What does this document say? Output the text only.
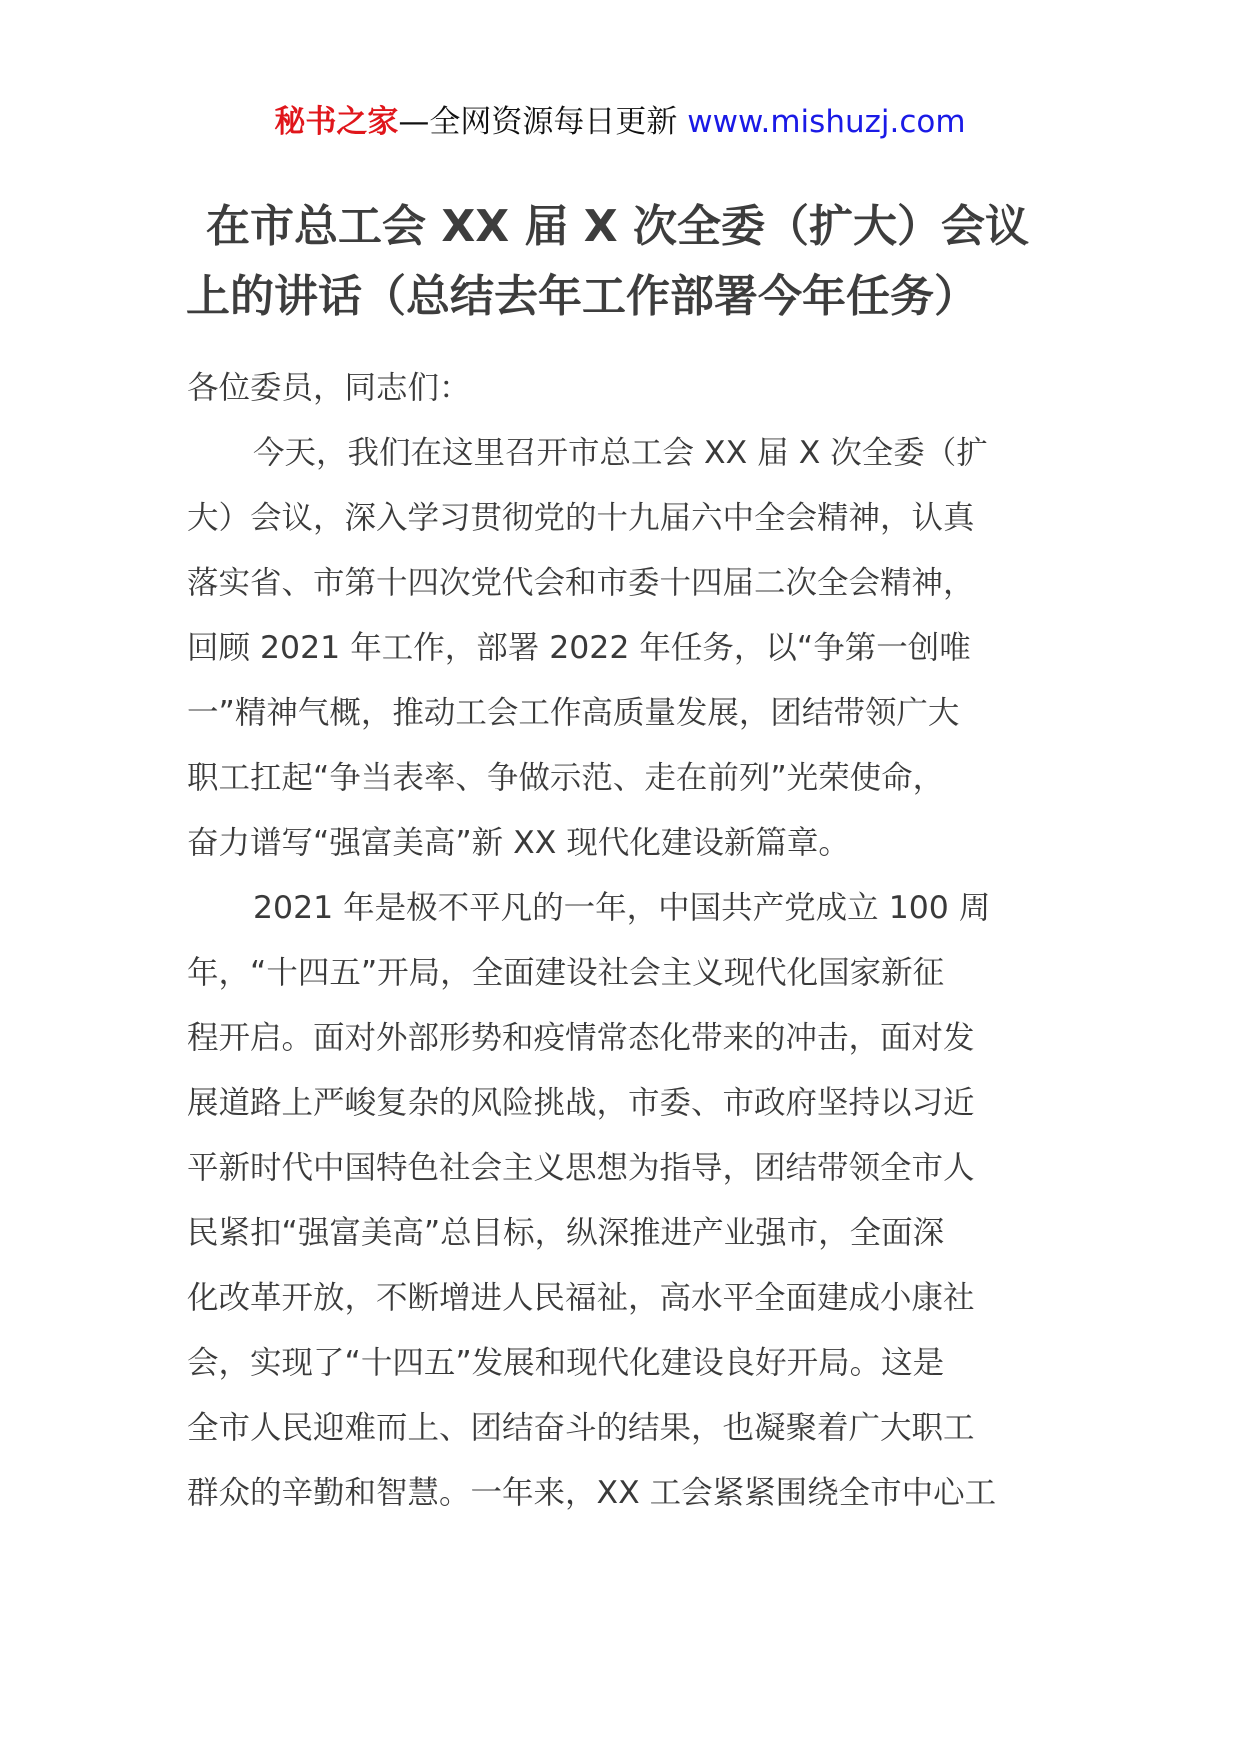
秘书之家—全网资源每日更新 www.mishuzj.com
在市总工会 XX 届 X 次全委（扩大）会议
上的讲话（总结去年工作部署今年任务）
各位委员，同志们：
今天，我们在这里召开市总工会 XX 届 X 次全委（扩
大）会议，深入学习贯彻党的十九届六中全会精神，认真
落实省、市第十四次党代会和市委十四届二次全会精神，
回顾 2021 年工作，部署 2022 年任务，以“争第一创唯
一”精神气概，推动工会工作高质量发展，团结带领广大
职工扛起“争当表率、争做示范、走在前列”光荣使命，
奋力谱写“强富美高”新 XX 现代化建设新篇章。
2021 年是极不平凡的一年，中国共产党成立 100 周
年，“十四五”开局，全面建设社会主义现代化国家新征
程开启。面对外部形势和疫情常态化带来的冲击，面对发
展道路上严峻复杂的风险挑战，市委、市政府坚持以习近
平新时代中国特色社会主义思想为指导，团结带领全市人
民紧扣“强富美高”总目标，纵深推进产业强市，全面深
化改革开放，不断增进人民福祉，高水平全面建成小康社
会，实现了“十四五”发展和现代化建设良好开局。这是
全市人民迎难而上、团结奋斗的结果，也凝聚着广大职工
群众的辛勤和智慧。一年来，XX 工会紧紧围绕全市中心工
